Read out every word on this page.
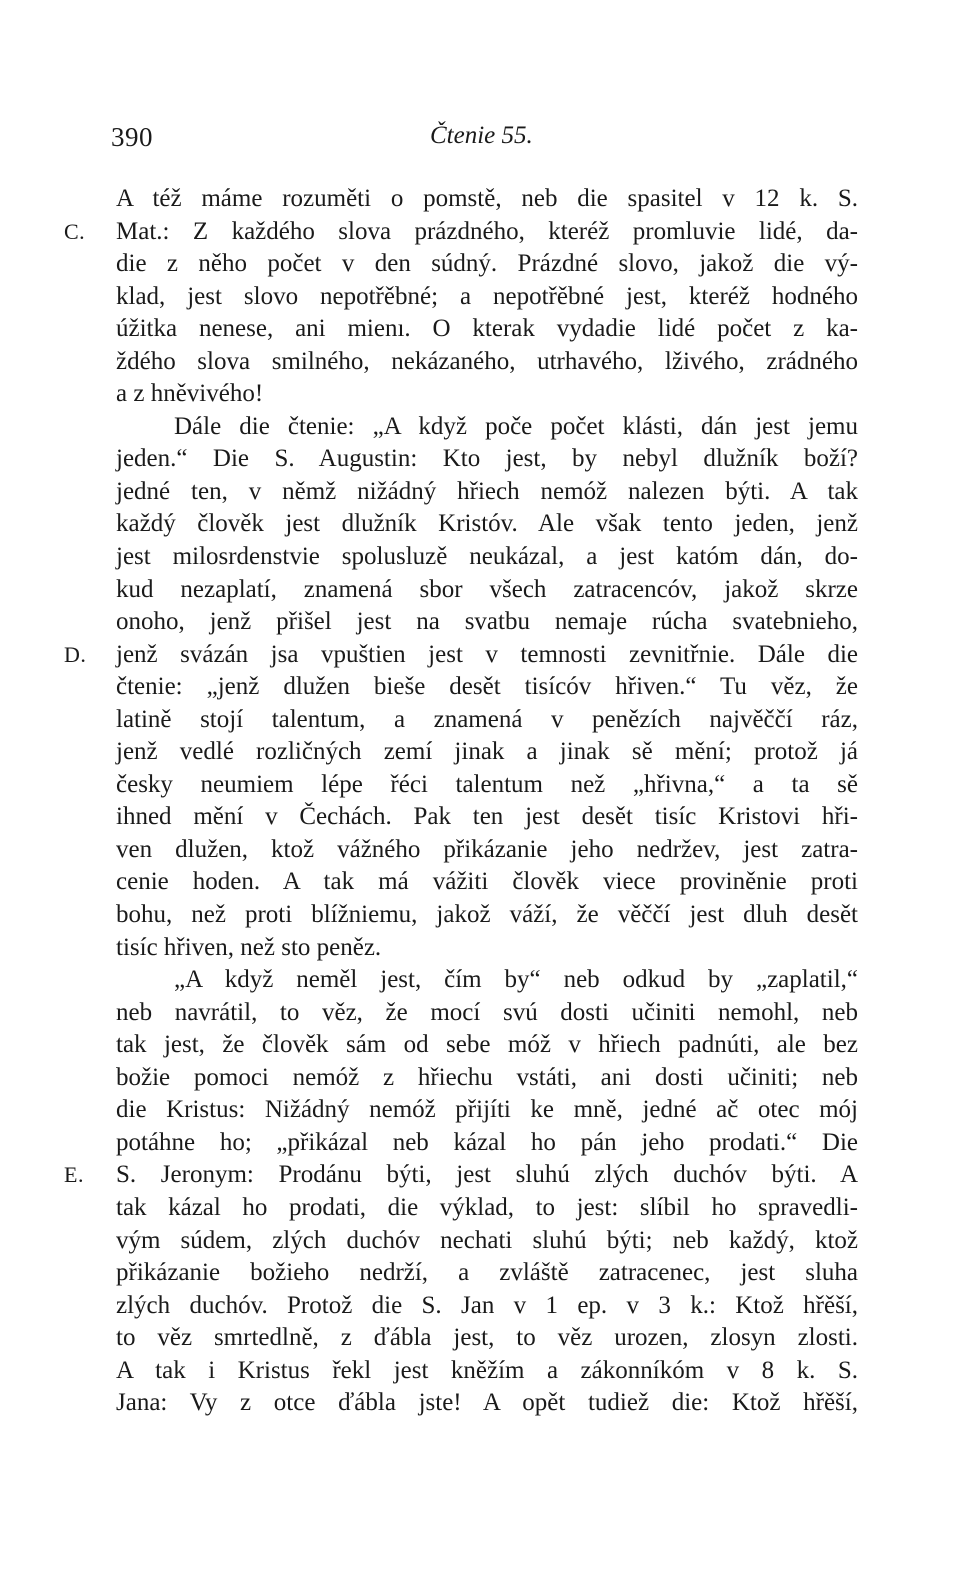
390	Čtenie 55.
A též máme rozuměti o pomstě, neb die spasitel v 12 k. S.
C. Mat.: Z každého slova prázdného, kteréž promluvie lidé, da-
die z něho počet v den súdný. Prázdné slovo, jakož die vý-
klad, jest slovo nepotřěbné; a nepotřěbné jest, kteréž hodného
úžitka nenese, ani mienı. O kterak vydadie lidé počet z ka-
ždého slova smilného, nekázaného, utrhavého, lživého, zrádného
a z hněvivého!
Dále die čtenie: „A když poče počet klásti, dán jest jemu
jeden.“ Die S. Augustin: Kto jest, by nebyl dlužník boží?
jedné ten, v němž nižádný hřiech nemóž nalezen býti. A tak
každý člověk jest dlužník Kristóv. Ale však tento jeden, jenž
jest milosrdenstvie spolusluzě neukázal, a jest katóm dán, do-
kud nezaplatí, znamená sbor všech zatracencóv, jakož skrze
onoho, jenž přišel jest na svatbu nemaje rúcha svatebnieho,
D. jenž svázán jsa vpuštien jest v temnosti zevnitřnie. Dále die
čtenie: „jenž dlužen bieše desět tisícóv hřiven.“ Tu věz, že
latině stojí talentum, a znamená v penězích najvěččí ráz,
jenž vedlé rozličných zemí jinak a jinak sě mění; protož já
česky neumiem lépe řéci talentum než „hřivna,“ a ta sě
ihned mění v Čechách. Pak ten jest desět tisíc Kristovi hři-
ven dlužen, ktož vážného přikázanie jeho nedržev, jest zatra-
cenie hoden. A tak má vážiti člověk viece proviněnie proti
bohu, než proti blížniemu, jakož váží, že věččí jest dluh desět
tisíc hřiven, než sto peněz.
„A když neměl jest, čím by“ neb odkud by „zaplatil,“
neb navrátil, to věz, že mocí svú dosti učiniti nemohl, neb
tak jest, že člověk sám od sebe móž v hřiech padnúti, ale bez
božie pomoci nemóž z hřiechu vstáti, ani dosti učiniti; neb
die Kristus: Nižádný nemóž přijíti ke mně, jedné ač otec mój
potáhne ho; „přikázal neb kázal ho pán jeho prodati.“ Die
E. S. Jeronym: Prodánu býti, jest sluhú zlých duchóv býti. A
tak kázal ho prodati, die výklad, to jest: slíbil ho spravedli-
vým súdem, zlých duchóv nechati sluhú býti; neb každý, ktož
přikázanie božieho nedrží, a zvláště zatracenec, jest sluha
zlých duchóv. Protož die S. Jan v 1 ep. v 3 k.: Ktož hřěší,
to věz smrtedlně, z ďábla jest, to věz urozen, zlosyn zlosti.
A tak i Kristus řekl jest kněžím a zákonníkóm v 8 k. S.
Jana: Vy z otce ďábla jste! A opět tudiež die: Ktož hřěší,
